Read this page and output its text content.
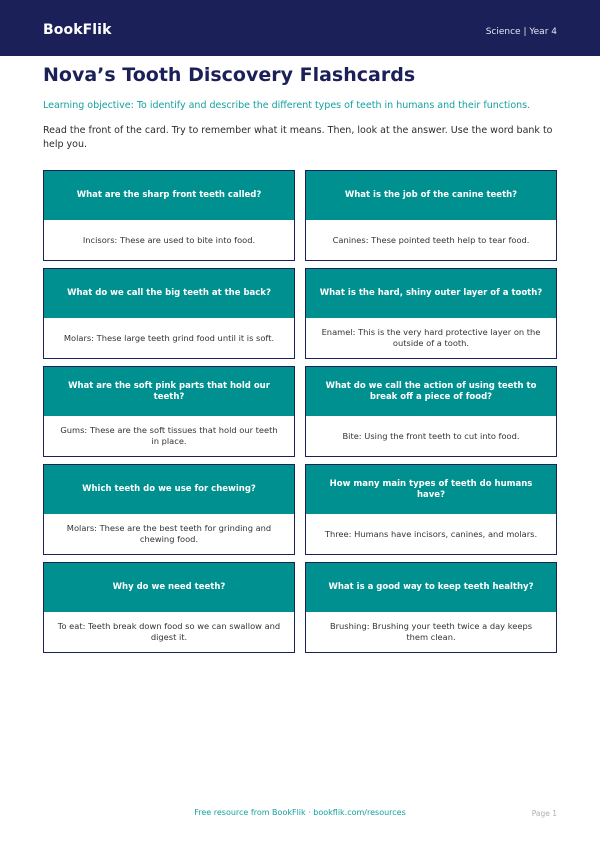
BookFlik	Science | Year 4
Nova’s Tooth Discovery Flashcards
Learning objective: To identify and describe the different types of teeth in humans and their functions.
Read the front of the card. Try to remember what it means. Then, look at the answer. Use the word bank to help you.
What are the sharp front teeth called?
Incisors: These are used to bite into food.
What is the job of the canine teeth?
Canines: These pointed teeth help to tear food.
What do we call the big teeth at the back?
Molars: These large teeth grind food until it is soft.
What is the hard, shiny outer layer of a tooth?
Enamel: This is the very hard protective layer on the outside of a tooth.
What are the soft pink parts that hold our teeth?
Gums: These are the soft tissues that hold our teeth in place.
What do we call the action of using teeth to break off a piece of food?
Bite: Using the front teeth to cut into food.
Which teeth do we use for chewing?
Molars: These are the best teeth for grinding and chewing food.
How many main types of teeth do humans have?
Three: Humans have incisors, canines, and molars.
Why do we need teeth?
To eat: Teeth break down food so we can swallow and digest it.
What is a good way to keep teeth healthy?
Brushing: Brushing your teeth twice a day keeps them clean.
Free resource from BookFlik · bookflik.com/resources	Page 1
